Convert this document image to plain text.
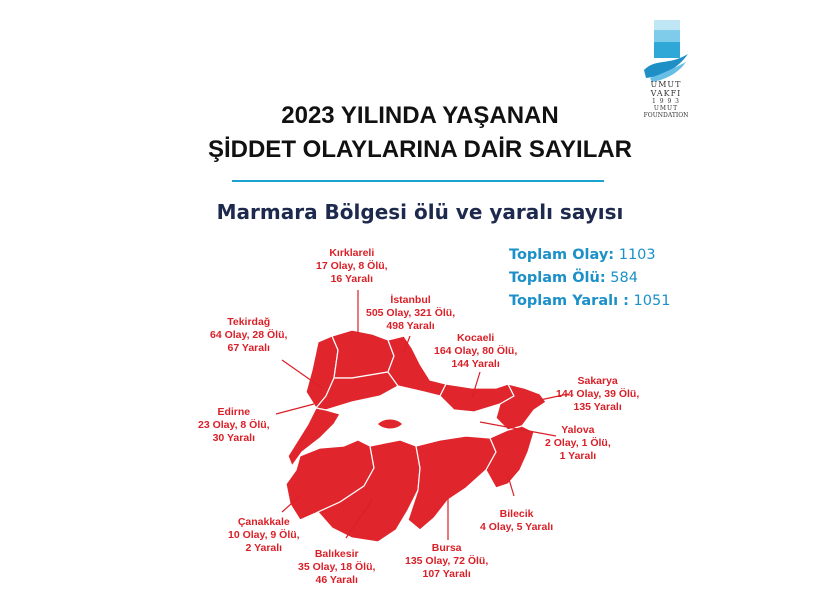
UMUT
VAKFI
1 9 9 3
UMUT
FOUNDATION
2023 YILINDA YAŞANAN
ŞİDDET OLAYLARINA DAİR SAYILAR
Marmara Bölgesi ölü ve yaralı sayısı
Toplam Olay: 1103
Toplam Ölü: 584
Toplam Yaralı : 1051
Kırklareli
17 Olay, 8 Ölü,
16 Yaralı
İstanbul
505 Olay, 321 Ölü,
498 Yaralı
Tekirdağ
64 Olay, 28 Ölü,
67 Yaralı
Kocaeli
164 Olay, 80 Ölü,
144 Yaralı
Sakarya
144 Olay, 39 Ölü,
135 Yaralı
Edirne
23 Olay, 8 Ölü,
30 Yaralı
Yalova
2 Olay, 1 Ölü,
1 Yaralı
Bilecik
4 Olay, 5 Yaralı
Çanakkale
10 Olay, 9 Ölü,
2 Yaralı	Balıkesir
35 Olay, 18 Ölü,
46 Yaralı
Bursa
135 Olay, 72 Ölü,
107 Yaralı
